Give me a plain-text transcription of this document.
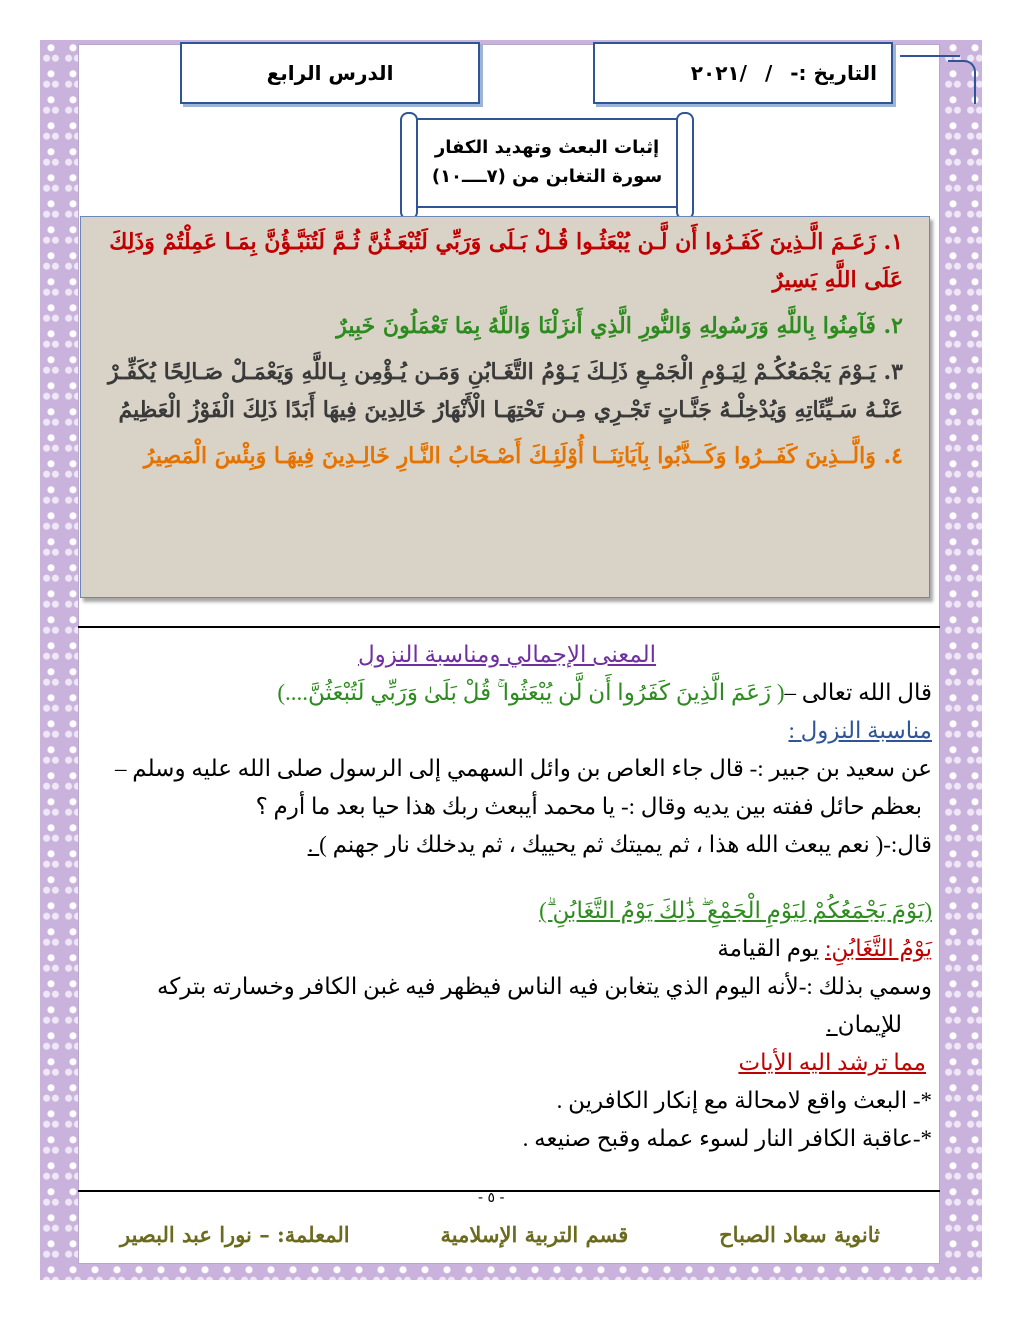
التاريخ :-
/
/٢٠٢١
الدرس الرابع
إثبات البعث وتهديد الكفار
سورة التغابن من (٧ــــ١٠)
١. زَعَـمَ الَّـذِينَ كَفَـرُوا أَن لَّـن يُبْعَثُـوا قُـلْ بَـلَى وَرَبِّي لَتُبْعَـثُنَّ ثُـمَّ لَتُنَبَّـؤُنَّ بِمَـا عَمِلْتُمْ وَذَلِكَ عَلَى اللَّهِ يَسِيرٌ
٢. فَآمِنُوا بِاللَّهِ وَرَسُولِهِ وَالنُّورِ الَّذِي أَنزَلْنَا وَاللَّهُ بِمَا تَعْمَلُونَ خَبِيرٌ
٣. يَـوْمَ يَجْمَعُكُـمْ لِيَـوْمِ الْجَمْـعِ ذَلِـكَ يَـوْمُ التَّغَـابُنِ وَمَـن يُـؤْمِن بِـاللَّهِ وَيَعْمَـلْ صَـالِحًا يُكَفِّـرْ عَنْـهُ سَـيِّئَاتِهِ وَيُدْخِلْـهُ جَنَّـاتٍ تَجْـرِي مِـن تَحْتِهَـا الْأَنْهَارُ خَالِدِينَ فِيهَا أَبَدًا ذَلِكَ الْفَوْزُ الْعَظِيمُ
٤. وَالَّــذِينَ كَفَــرُوا وَكَــذَّبُوا بِآيَاتِنَــا أُوْلَئِـكَ أَصْـحَابُ النَّـارِ خَالِـدِينَ فِيهَـا وَبِئْسَ الْمَصِيرُ
المعنى الإجمالي ومناسبة النزول
قال الله تعالى –( زَعَمَ الَّذِينَ كَفَرُوا أَن لَّن يُبْعَثُوا ۚ قُلْ بَلَىٰ وَرَبِّي لَتُبْعَثُنَّ....)
مناسبة النزول :
عن سعيد بن جبير :- قال جاء العاص بن وائل السهمي إلى الرسول صلى الله عليه وسلم –
بعظم حائل ففته بين يديه وقال :- يا محمد أيبعث ربك هذا حيا بعد ما أرم ؟
قال:-( نعم يبعث الله هذا ، ثم يميتك ثم يحييك ، ثم يدخلك نار جهنم ) .
(يَوْمَ يَجْمَعُكُمْ لِيَوْمِ الْجَمْعِ ۖ ذَٰلِكَ يَوْمُ التَّغَابُنِ ۗ)
يَوْمُ التَّغَابُنِ: يوم القيامة
وسمي بذلك :-لأنه اليوم الذي يتغابن فيه الناس فيظهر فيه غبن الكافر وخسارته بتركه
للإيمان .
مما ترشد اليه الأيات
*- البعث واقع لامحالة مع إنكار الكافرين .
*-عاقبة الكافر النار لسوء عمله وقبح صنيعه .
- ٥ -
ثانوية سعاد الصباح
قسم التربية الإسلامية
المعلمة: – نورا عبد البصير
